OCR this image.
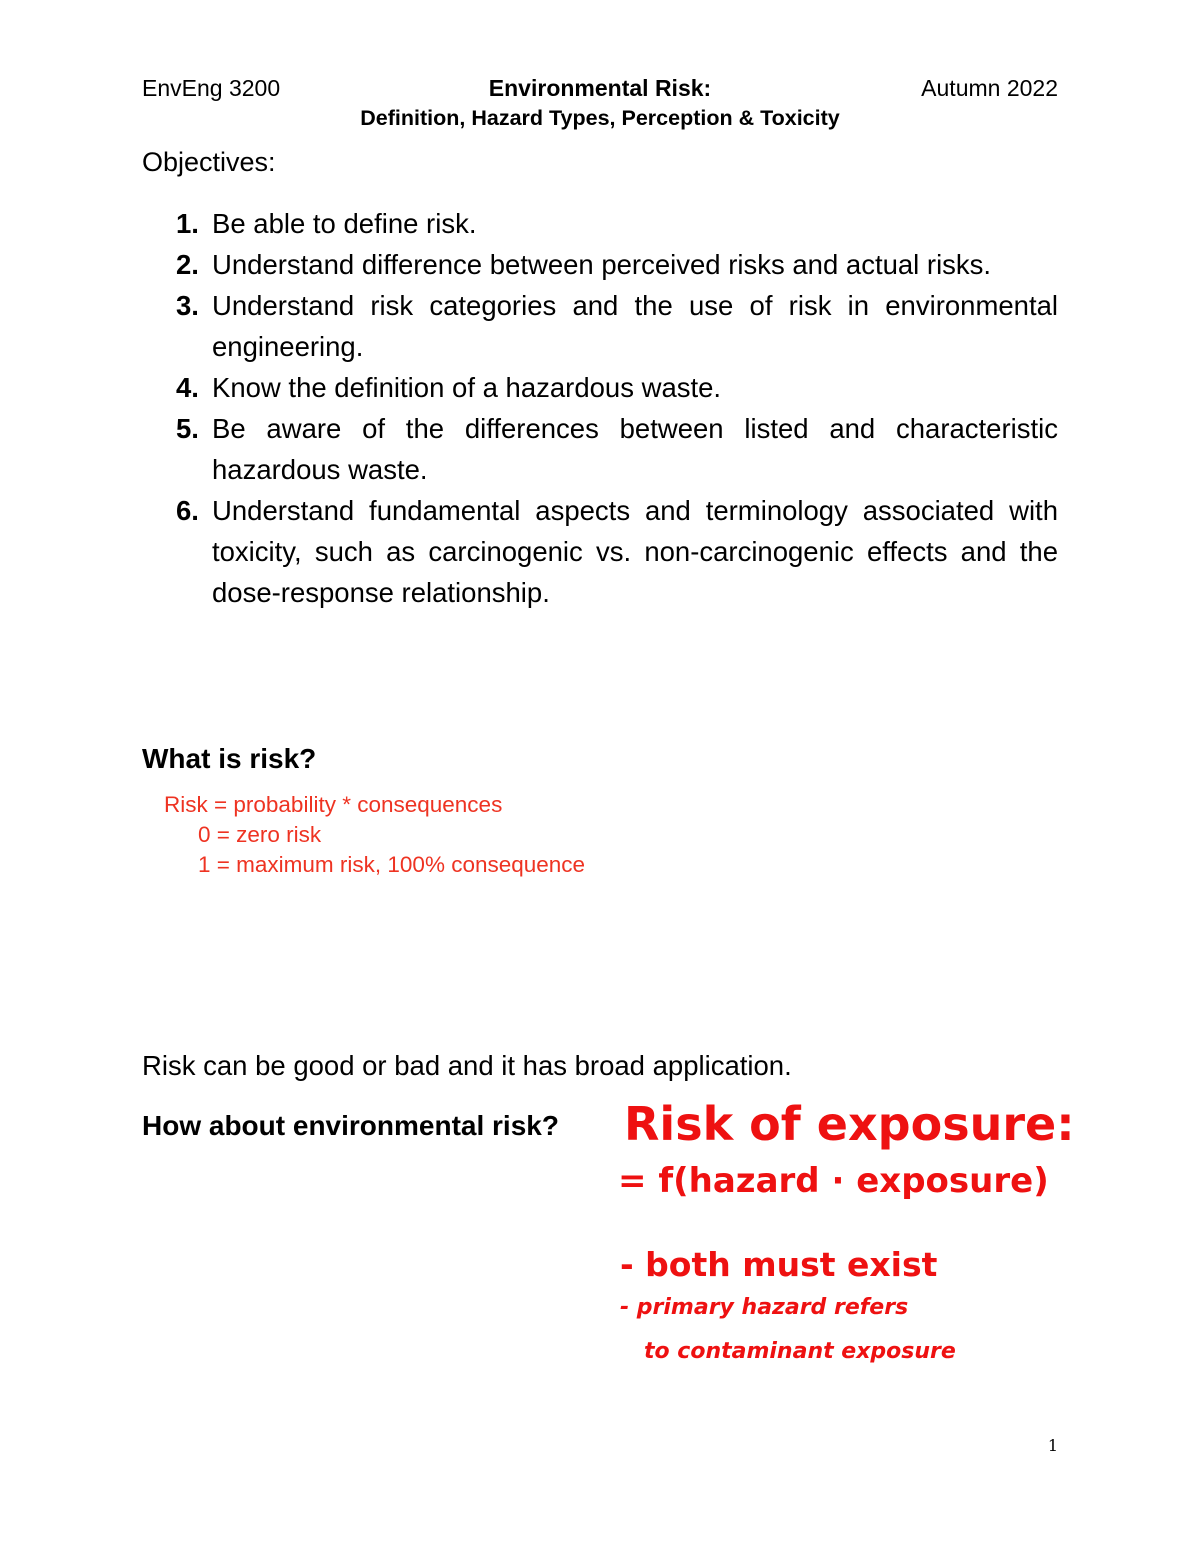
EnvEng 3200	Environmental Risk:	Autumn 2022
Definition, Hazard Types, Perception & Toxicity
Objectives:
1. Be able to define risk.
2. Understand difference between perceived risks and actual risks.
3. Understand risk categories and the use of risk in environmental engineering.
4. Know the definition of a hazardous waste.
5. Be aware of the differences between listed and characteristic hazardous waste.
6. Understand fundamental aspects and terminology associated with toxicity, such as carcinogenic vs. non-carcinogenic effects and the dose-response relationship.
What is risk?
Risk = probability * consequences
0 = zero risk
1 = maximum risk, 100% consequence
Risk can be good or bad and it has broad application.
How about environmental risk? Risk of exposure:
= f(hazard · exposure)
- both must exist
- primary hazard refers
to contaminant exposure
1
